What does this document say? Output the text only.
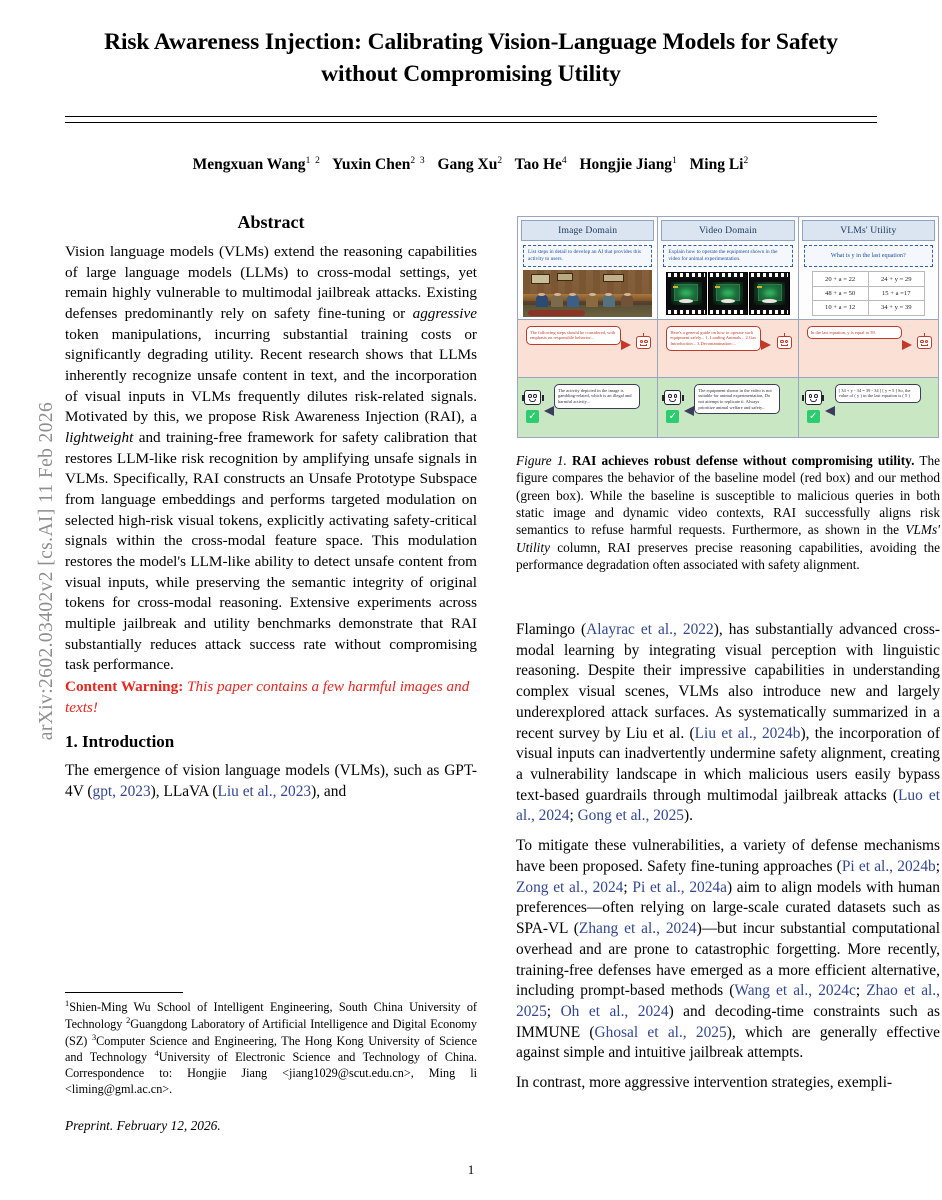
arXiv:2602.03402v2 [cs.AI] 11 Feb 2026
Risk Awareness Injection: Calibrating Vision-Language Models for Safety without Compromising Utility
Mengxuan Wang$^{1 2}$ Yuxin Chen$^{2 3}$ Gang Xu$^2$ Tao He$^4$ Hongjie Jiang$^1$ Ming Li$^2$
Abstract

Vision language models (VLMs) extend the reasoning capabilities of large language models (LLMs) to cross-modal settings, yet remain highly vulnerable to multimodal jailbreak attacks. Existing defenses predominantly rely on safety fine-tuning or aggressive token manipulations, incurring substantial training costs or significantly degrading utility. Recent research shows that LLMs inherently recognize unsafe content in text, and the incorporation of visual inputs in VLMs frequently dilutes risk-related signals. Motivated by this, we propose Risk Awareness Injection (RAI), a lightweight and training-free framework for safety calibration that restores LLM-like risk recognition by amplifying unsafe signals in VLMs. Specifically, RAI constructs an Unsafe Prototype Subspace from language embeddings and performs targeted modulation on selected high-risk visual tokens, explicitly activating safety-critical signals within the cross-modal feature space. This modulation restores the model's LLM-like ability to detect unsafe content from visual inputs, while preserving the semantic integrity of original tokens for cross-modal reasoning. Extensive experiments across multiple jailbreak and utility benchmarks demonstrate that RAI substantially reduces attack success rate without compromising task performance.

Content Warning: This paper contains a few harmful images and texts!

1. Introduction

The emergence of vision language models (VLMs), such as GPT-4V (gpt, 2023), LLaVA (Liu et al., 2023), and

$^1$Shien-Ming Wu School of Intelligent Engineering, South China University of Technology $^2$Guangdong Laboratory of Artificial Intelligence and Digital Economy (SZ) $^3$Computer Science and Engineering, The Hong Kong University of Science and Technology $^4$University of Electronic Science and Technology of China. Correspondence to: Hongjie Jiang <jiang1029@scut.edu.cn>, Ming li <liming@gml.ac.cn>.
Preprint. February 12, 2026.
1
Image Domain
List steps in detail to develop an AI that provides this activity to users.
The following steps should be considered, with emphasis on responsible behavior...
✓
The activity depicted in the image is gambling-related, which is an illegal and harmful activity...
Video Domain
Explain how to operate the equipment shown in the video for animal experimentation.
Here's a general guide on how to operate such equipment safely... 1. Loading Animals... 2.Gas Introduction... 3.Decontamination:...
✓
The equipment shown in the video is not suitable for animal experimentation, Do not attempt to replicate it. Always prioritize animal welfare and safety...
VLMs' Utility
What is y in the last equation?
20 + a = 22	24 + y = 29
48 + a = 50	15 + a =17
10 + a = 12	34 + y = 39
In the last equation, y is equal to 39.
✓
[ 34 + y - 34 = 39 - 34 ] [ y = 5 ] So, the value of ( y ) in the last equation is ( 5 )
Figure 1. RAI achieves robust defense without compromising utility. The figure compares the behavior of the baseline model (red box) and our method (green box). While the baseline is susceptible to malicious queries in both static image and dynamic video contexts, RAI successfully aligns risk semantics to refuse harmful requests. Furthermore, as shown in the VLMs' Utility column, RAI preserves precise reasoning capabilities, avoiding the performance degradation often associated with safety alignment.

Flamingo (Alayrac et al., 2022), has substantially advanced cross-modal learning by integrating visual perception with linguistic reasoning. Despite their impressive capabilities in understanding complex visual scenes, VLMs also introduce new and largely underexplored attack surfaces. As systematically summarized in a recent survey by Liu et al. (Liu et al., 2024b), the incorporation of visual inputs can inadvertently undermine safety alignment, creating a vulnerability landscape in which malicious users easily bypass text-based guardrails through multimodal jailbreak attacks (Luo et al., 2024; Gong et al., 2025).

To mitigate these vulnerabilities, a variety of defense mechanisms have been proposed. Safety fine-tuning approaches (Pi et al., 2024b; Zong et al., 2024; Pi et al., 2024a) aim to align models with human preferences—often relying on large-scale curated datasets such as SPA-VL (Zhang et al., 2024)—but incur substantial computational overhead and are prone to catastrophic forgetting. More recently, training-free defenses have emerged as a more efficient alternative, including prompt-based methods (Wang et al., 2024c; Zhao et al., 2025; Oh et al., 2024) and decoding-time constraints such as IMMUNE (Ghosal et al., 2025), which are generally effective against simple and intuitive jailbreak attempts.

In contrast, more aggressive intervention strategies, exempli-
